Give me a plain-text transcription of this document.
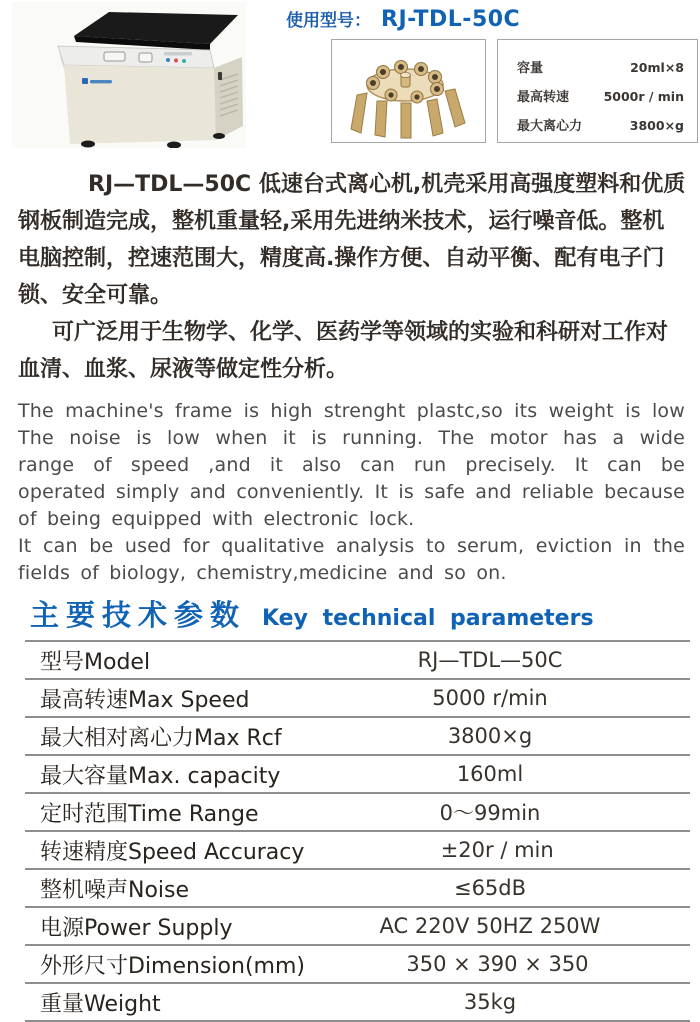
使用型号： RJ-TDL-50C
容量	20ml×8
最高转速	5000r / min
最大离心力	3800×g

RJ—TDL—50C 低速台式离心机,机壳采用高强度塑料和优质钢板制造完成，整机重量轻,采用先进纳米技术，运行噪音低。整机电脑控制，控速范围大，精度高.操作方便、自动平衡、配有电子门锁、安全可靠。

可广泛用于生物学、化学、医药学等领域的实验和科研对工作对血清、血浆、尿液等做定性分析。

The machine's frame is high strenght plastc,so its weight is low The noise is low when it is running. The motor has a wide range of speed ,and it also can run precisely. It can be operated simply and conveniently. It is safe and reliable because of being equipped with electronic lock.

It can be used for qualitative analysis to serum, eviction in the fields of biology, chemistry,medicine and so on.

主要技术参数 Key technical parameters
型号Model	RJ—TDL—50C
最高转速Max Speed	5000 r/min
最大相对离心力Max Rcf	3800×g
最大容量Max. capacity	160ml
定时范围Time Range	0～99min
转速精度Speed Accuracy	±20r / min
整机噪声Noise	≤65dB
电源Power Supply	AC 220V 50HZ 250W
外形尺寸Dimension(mm)	350 × 390 × 350
重量Weight	35kg
